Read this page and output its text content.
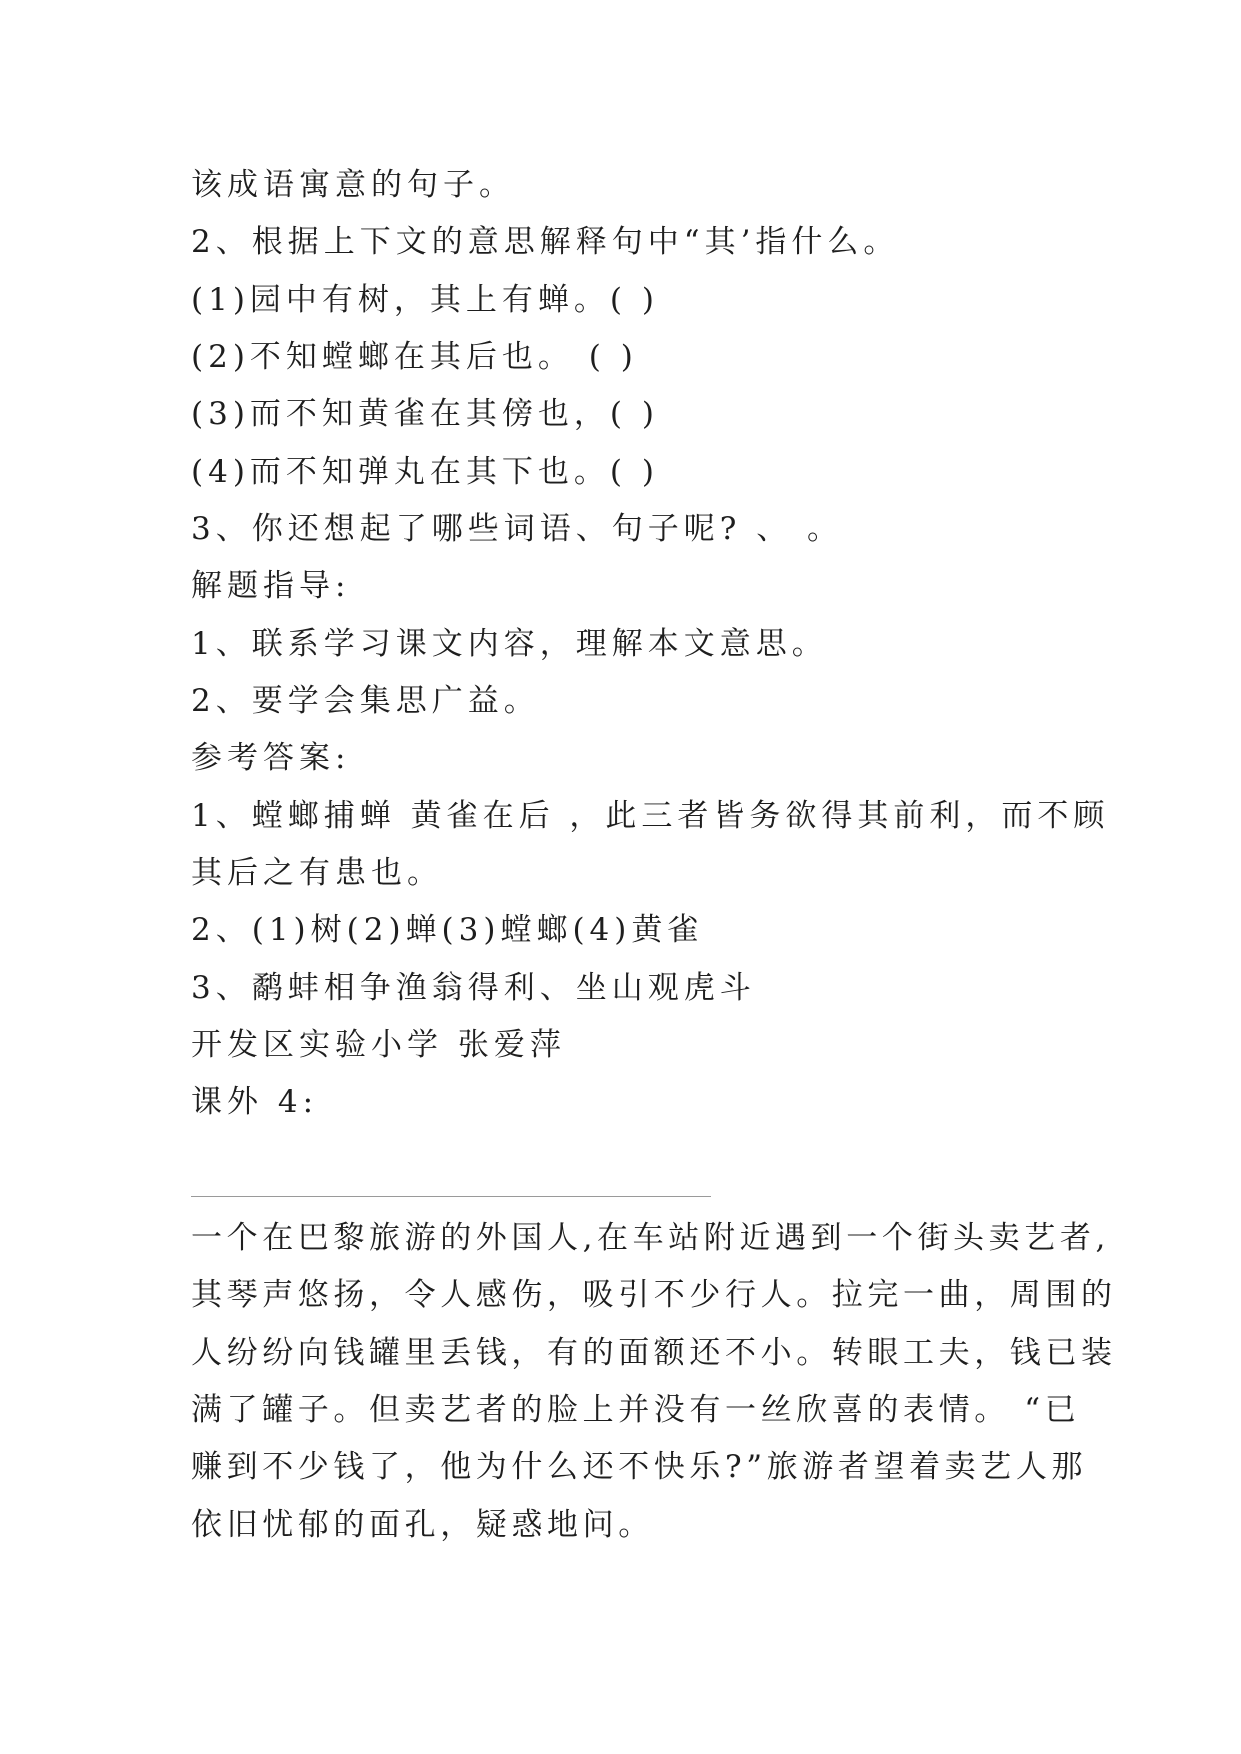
该成语寓意的句子。
2、根据上下文的意思解释句中“其’指什么。
(1)园中有树，其上有蝉。( )
(2)不知螳螂在其后也。 ( )
(3)而不知黄雀在其傍也，( )
(4)而不知弹丸在其下也。( )
3、你还想起了哪些词语、句子呢? 、 。
解题指导:
1、联系学习课文内容，理解本文意思。
2、要学会集思广益。
参考答案:
1、螳螂捕蝉 黄雀在后 ，此三者皆务欲得其前利，而不顾
其后之有患也。
2、(1)树(2)蝉(3)螳螂(4)黄雀
3、鹬蚌相争渔翁得利、坐山观虎斗
开发区实验小学 张爱萍
课外 4:
一个在巴黎旅游的外国人,在车站附近遇到一个街头卖艺者,
其琴声悠扬，令人感伤，吸引不少行人。拉完一曲，周围的
人纷纷向钱罐里丢钱，有的面额还不小。转眼工夫，钱已装
满了罐子。但卖艺者的脸上并没有一丝欣喜的表情。 “已
赚到不少钱了，他为什么还不快乐?”旅游者望着卖艺人那
依旧忧郁的面孔，疑惑地问。
